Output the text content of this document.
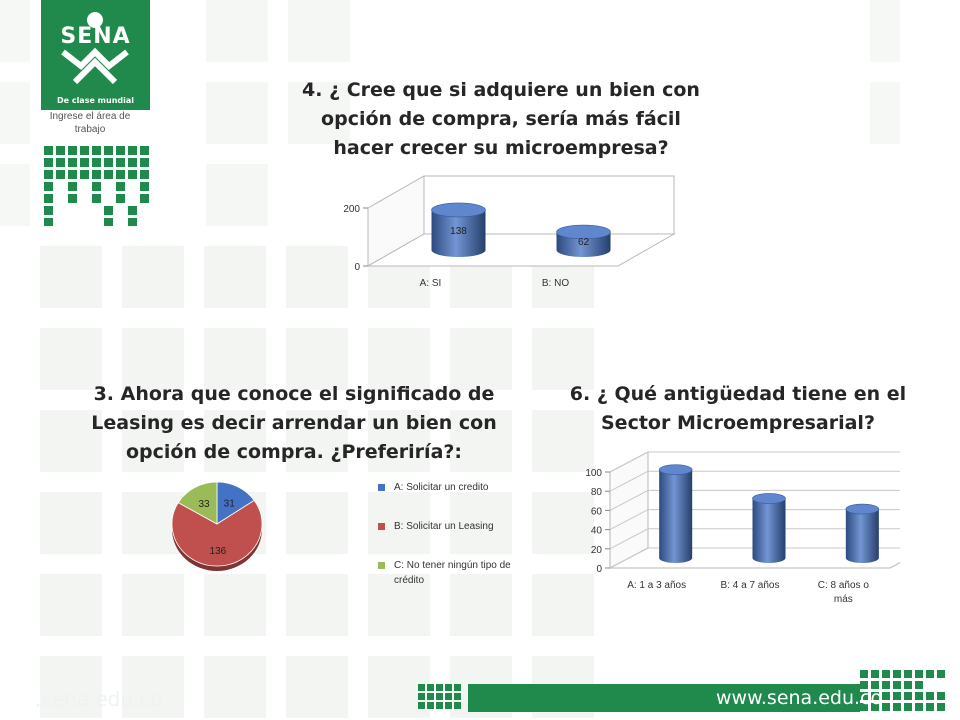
SENA
De clase mundial
Ingrese el área de trabajo
4. ¿ Cree que si adquiere un bien con opción de compra, sería más fácil hacer crecer su microempresa?
0
200
138
A: SI
62
B: NO
3. Ahora que conoce el significado de Leasing es decir arrendar un bien con opción de compra. ¿Preferiría?:
31
136
33
A: Solicitar un credito
B: Solicitar un Leasing
C: No tener ningún tipo de crédito
6. ¿ Qué antigüedad tiene en el Sector Microempresarial?
0
20
40
60
80
100
A: 1 a 3 años	B: 4 a 7 años	C: 8 años o
más
www.sena.edu.co
.sena.edu.co
